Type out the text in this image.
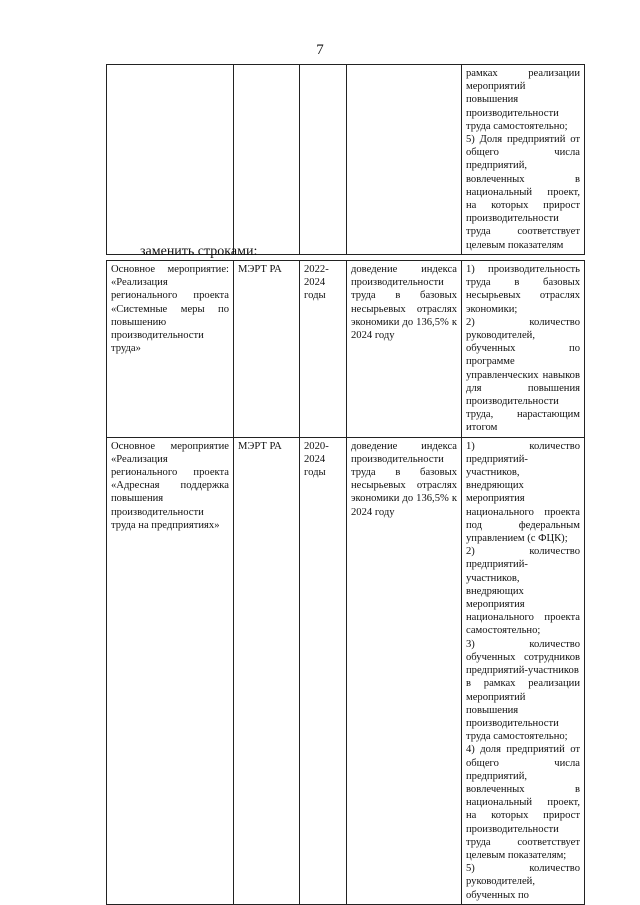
7

рамках реализации мероприятий повышения производительности труда самостоятельно;
5) Доля предприятий от общего числа предприятий, вовлеченных в национальный проект, на которых прирост производительности труда соответствует целевым показателям
заменить строками:
Основное мероприятие: «Реализация регионального проекта «Системные меры по повышению производительности труда»	МЭРТ РА	2022-2024 годы	доведение индекса производительности труда в базовых несырьевых отраслях экономики до 136,5% к 2024 году	1) производительность труда в базовых несырьевых отраслях экономики;
2) количество руководителей, обученных по программе управленческих навыков для повышения производительности труда, нарастающим итогом

Основное мероприятие «Реализация регионального проекта «Адресная поддержка повышения производительности труда на предприятиях»	МЭРТ РА	2020-2024 годы	доведение индекса производительности труда в базовых несырьевых отраслях экономики до 136,5% к 2024 году	1) количество предприятий-участников, внедряющих мероприятия национального проекта под федеральным управлением (с ФЦК);
2) количество предприятий-участников, внедряющих мероприятия национального проекта самостоятельно;
3) количество обученных сотрудников предприятий-участников в рамках реализации мероприятий повышения производительности труда самостоятельно;
4) доля предприятий от общего числа предприятий, вовлеченных в национальный проект, на которых прирост производительности труда соответствует целевым показателям;
5) количество руководителей, обученных по
